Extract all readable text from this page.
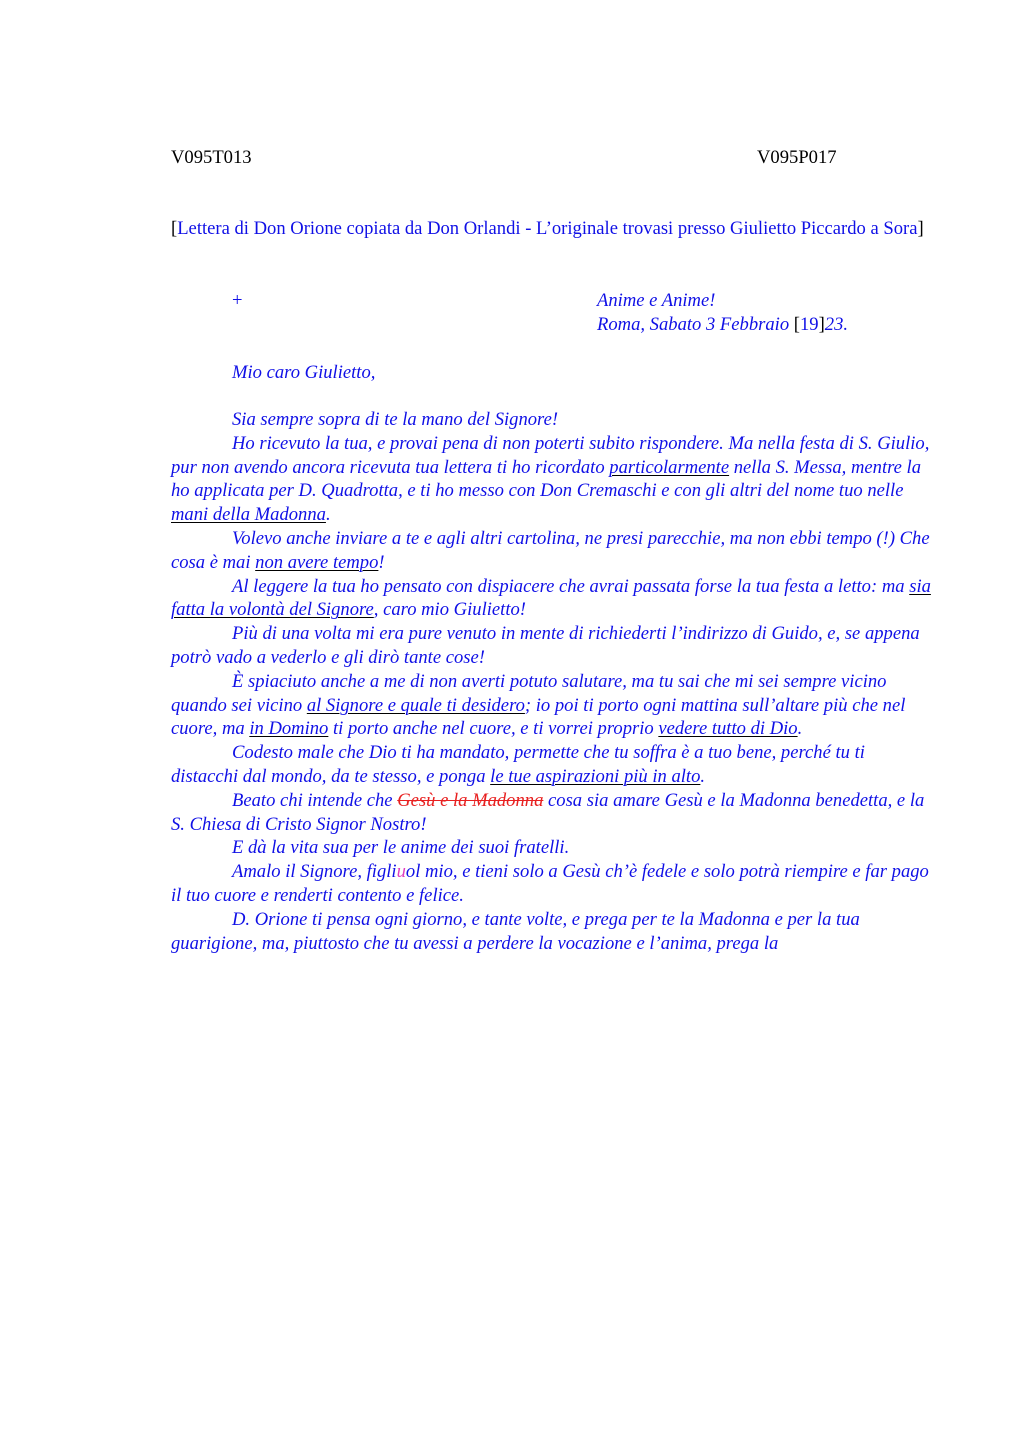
V095T013	V095P017
[Lettera di Don Orione copiata da Don Orlandi - L’originale trovasi presso Giulietto Piccardo a Sora]
+	Anime e Anime!
Roma, Sabato 3 Febbraio [19]23.
Mio caro Giulietto,

Sia sempre sopra di te la mano del Signore!

Ho ricevuto la tua, e provai pena di non poterti subito rispondere. Ma nella festa di S. Giulio, pur non avendo ancora ricevuta tua lettera ti ho ricordato particolarmente nella S. Messa, mentre la ho applicata per D. Quadrotta, e ti ho messo con Don Cremaschi e con gli altri del nome tuo nelle mani della Madonna.

Volevo anche inviare a te e agli altri cartolina, ne presi parecchie, ma non ebbi tempo (!) Che cosa è mai non avere tempo!

Al leggere la tua ho pensato con dispiacere che avrai passata forse la tua festa a letto: ma sia fatta la volontà del Signore, caro mio Giulietto!

Più di una volta mi era pure venuto in mente di richiederti l’indirizzo di Guido, e, se appena potrò vado a vederlo e gli dirò tante cose!

È spiaciuto anche a me di non averti potuto salutare, ma tu sai che mi sei sempre vicino quando sei vicino al Signore e quale ti desidero; io poi ti porto ogni mattina sull’altare più che nel cuore, ma in Domino ti porto anche nel cuore, e ti vorrei proprio vedere tutto di Dio.

Codesto male che Dio ti ha mandato, permette che tu soffra è a tuo bene, perché tu ti distacchi dal mondo, da te stesso, e ponga le tue aspirazioni più in alto.

Beato chi intende che Gesù e la Madonna cosa sia amare Gesù e la Madonna benedetta, e la S. Chiesa di Cristo Signor Nostro!

E dà la vita sua per le anime dei suoi fratelli.

Amalo il Signore, figliuol mio, e tieni solo a Gesù ch’è fedele e solo potrà riempire e far pago il tuo cuore e renderti contento e felice.

D. Orione ti pensa ogni giorno, e tante volte, e prega per te la Madonna e per la tua guarigione, ma, piuttosto che tu avessi a perdere la vocazione e l’anima, prega la
